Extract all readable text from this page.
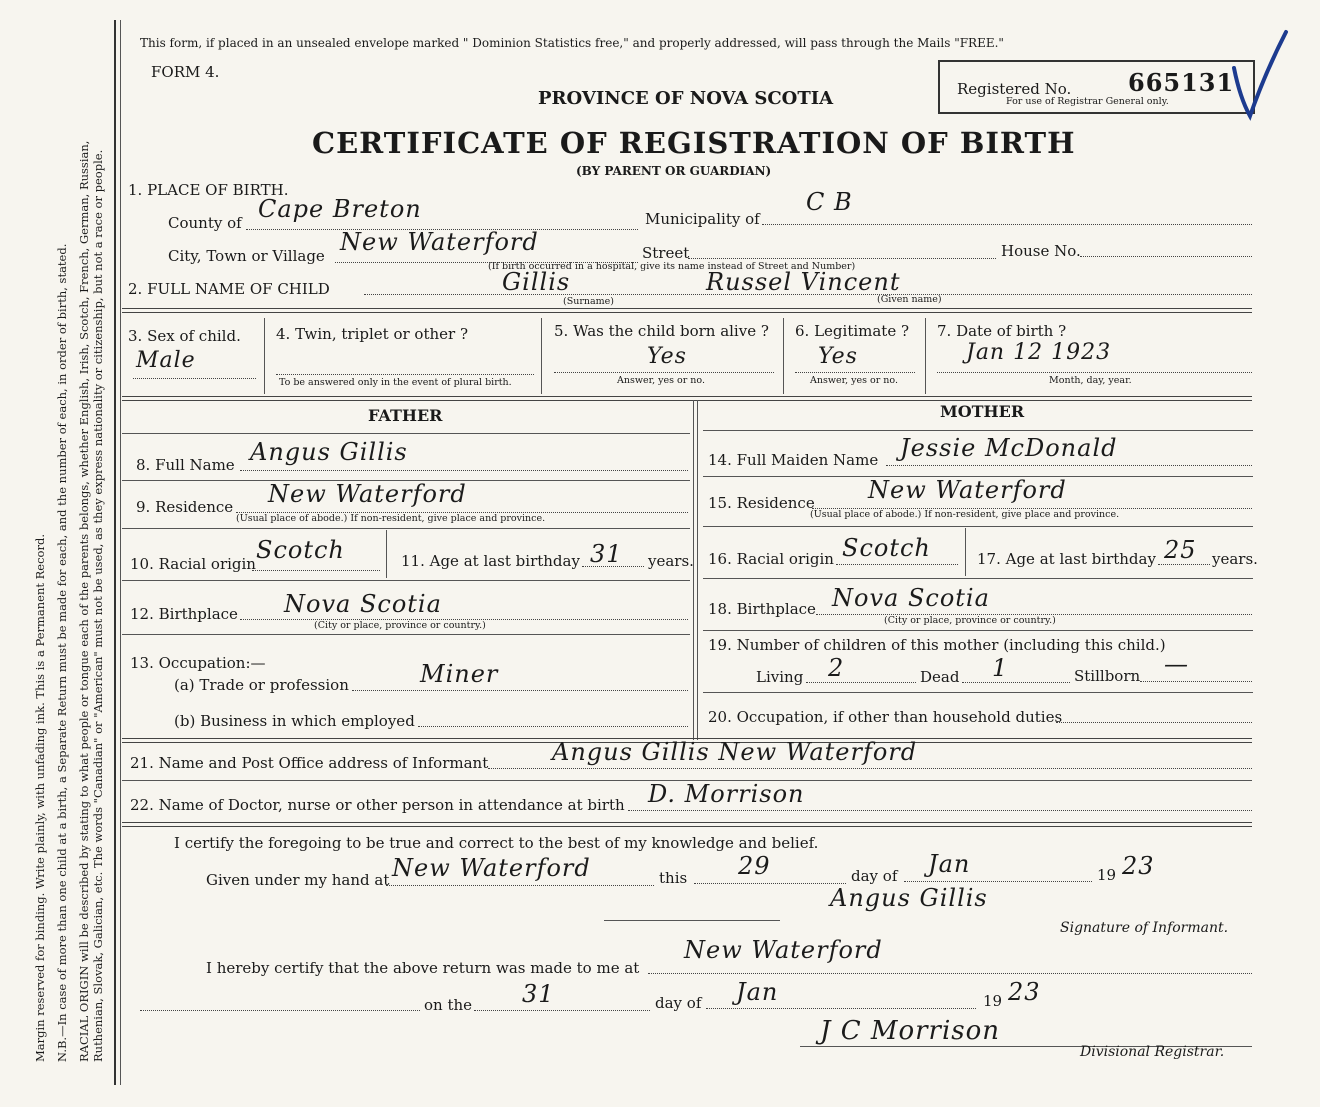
Margin reserved for binding. Write plainly, with unfading ink. This is a Permanent Record. N.B.—In case of more than one child at a birth, a Separate Return must be made for each, and the number of each, in order of birth, stated. RACIAL ORIGIN will be described by stating to what people or tongue each of the parents belongs, whether English, Irish, Scotch, French, German, Russian, Ruthenian, Slovak, Galician, etc. The words "Canadian" or "American" must not be used, as they express nationality or citizenship, but not a race or people.
This form, if placed in an unsealed envelope marked " Dominion Statistics free," and properly addressed, will pass through the Mails "FREE."
FORM 4.
PROVINCE OF NOVA SCOTIA
CERTIFICATE OF REGISTRATION OF BIRTH
(BY PARENT OR GUARDIAN)
Registered No. 665131
For use of Registrar General only.
1. PLACE OF BIRTH.
County of Cape Breton	Municipality of
C B
City, Town or Village New Waterford	Street	House No.
(If birth occurred in a hospital, give its name instead of Street and Number)
2. FULL NAME OF CHILD	Gillis	Russel Vincent
(Surname)	(Given name)
3. Sex of child.
Male
4. Twin, triplet or other ?
To be answered only in the event of plural birth.
5. Was the child born alive ?
Yes
Answer, yes or no.
6. Legitimate ?
Yes
Answer, yes or no.
7. Date of birth ?
Jan 12 1923
Month, day, year.
FATHER
8. Full Name Angus Gillis
9. Residence New Waterford
(Usual place of abode.) If non-resident, give place and province.
10. Racial origin Scotch	11. Age at last birthday 31 years.
12. Birthplace Nova Scotia
(City or place, province or country.)
13. Occupation:—
(a) Trade or profession	Miner
(b) Business in which employed
MOTHER
14. Full Maiden Name Jessie McDonald
15. Residence New Waterford
(Usual place of abode.) If non-resident, give place and province.
16. Racial origin Scotch	17. Age at last birthday 25 years.
18. Birthplace Nova Scotia
(City or place, province or country.)
19. Number of children of this mother (including this child.)
Living 2	Dead 1	Stillborn —
20. Occupation, if other than household duties
21. Name and Post Office address of Informant	Angus Gillis New Waterford
22. Name of Doctor, nurse or other person in attendance at birth D. Morrison
I certify the foregoing to be true and correct to the best of my knowledge and belief.
Given under my hand at New Waterford	this 29	day of Jan	19 23
Angus Gillis
Signature of Informant.
I hereby certify that the above return was made to me at
New Waterford
on the 31	day of Jan	19 23
J C Morrison
Divisional Registrar.
